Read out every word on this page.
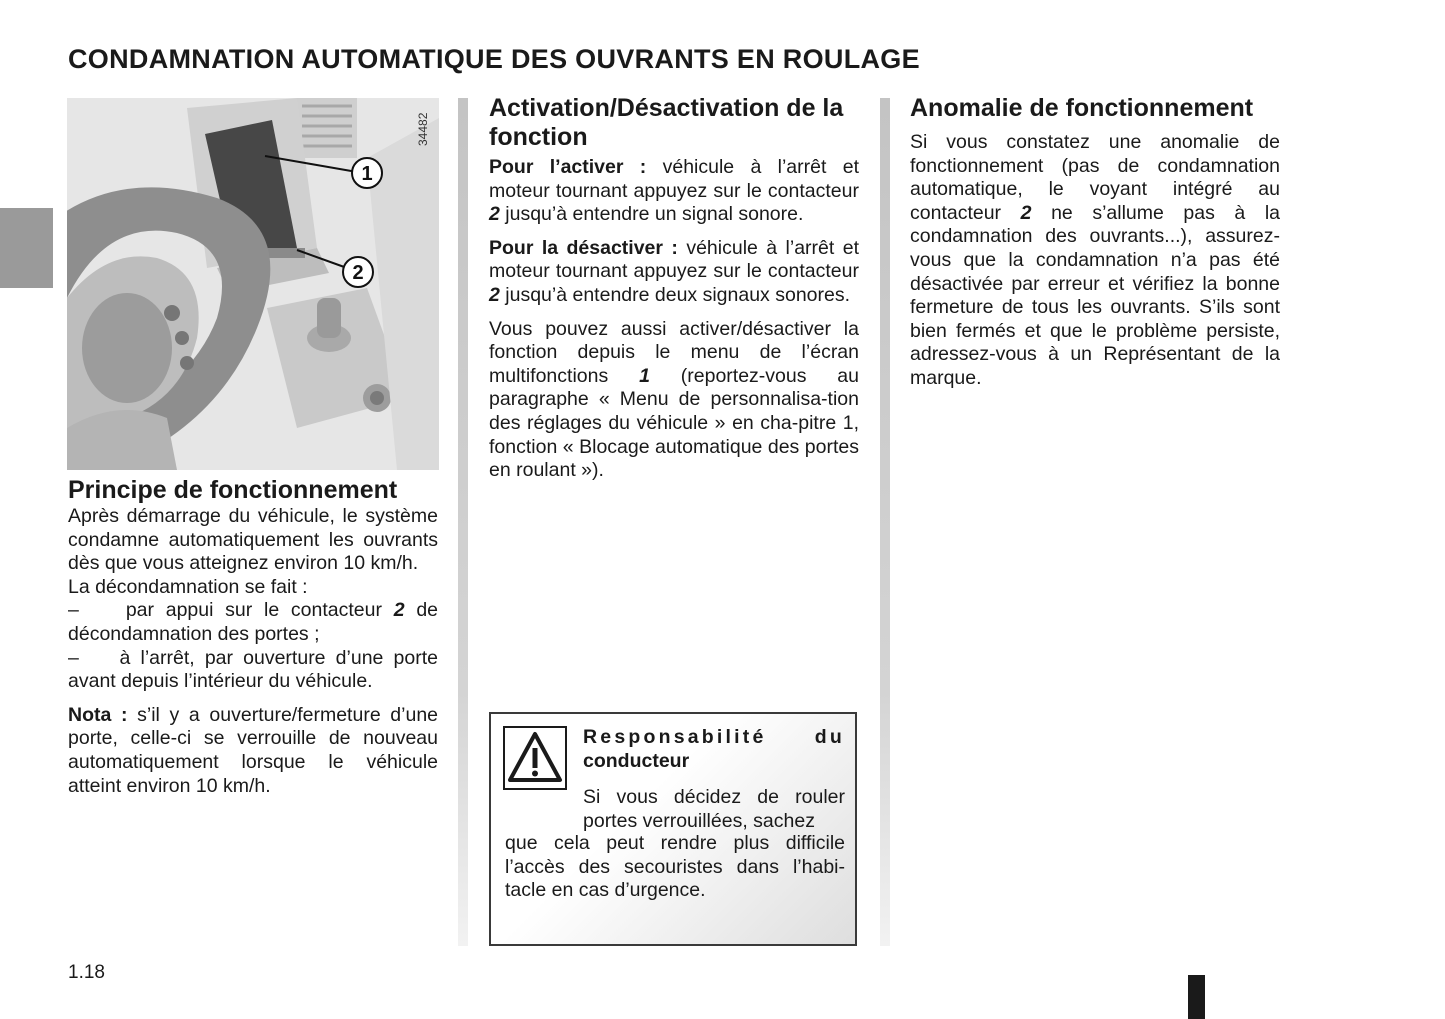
CONDAMNATION AUTOMATIQUE DES OUVRANTS EN ROULAGE
34482
1
2
Principe de fonctionnement

Après démarrage du véhicule, le système condamne automatiquement les ouvrants dès que vous atteignez environ 10 km/h.

La décondamnation se fait :

– par appui sur le contacteur 2 de décondamnation des portes ;

– à l’arrêt, par ouverture d’une porte avant depuis l’intérieur du véhicule.

Nota : s’il y a ouverture/fermeture d’une porte, celle-ci se verrouille de nouveau automatiquement lorsque le véhicule atteint environ 10 km/h.

Activation/Désactivation de la fonction

Pour l’activer : véhicule à l’arrêt et moteur tournant appuyez sur le contacteur 2 jusqu’à entendre un signal sonore.

Pour la désactiver : véhicule à l’arrêt et moteur tournant appuyez sur le contacteur 2 jusqu’à entendre deux signaux sonores.

Vous pouvez aussi activer/désactiver la fonction depuis le menu de l’écran multifonctions 1 (reportez-vous au paragraphe « Menu de personnalisa-tion des réglages du véhicule » en cha-pitre 1, fonction « Blocage automatique des portes en roulant »).

Responsabilité du
conducteur
Si vous décidez de rouler portes verrouillées, sachez
que cela peut rendre plus difficile l’accès des secouristes dans l’habi-tacle en cas d’urgence.
Anomalie de fonctionnement

Si vous constatez une anomalie de fonctionnement (pas de condamnation automatique, le voyant intégré au contacteur 2 ne s’allume pas à la condamnation des ouvrants...), assurez-vous que la condamnation n’a pas été désactivée par erreur et vérifiez la bonne fermeture de tous les ouvrants. S’ils sont bien fermés et que le problème persiste, adressez-vous à un Représentant de la marque.

1.18
